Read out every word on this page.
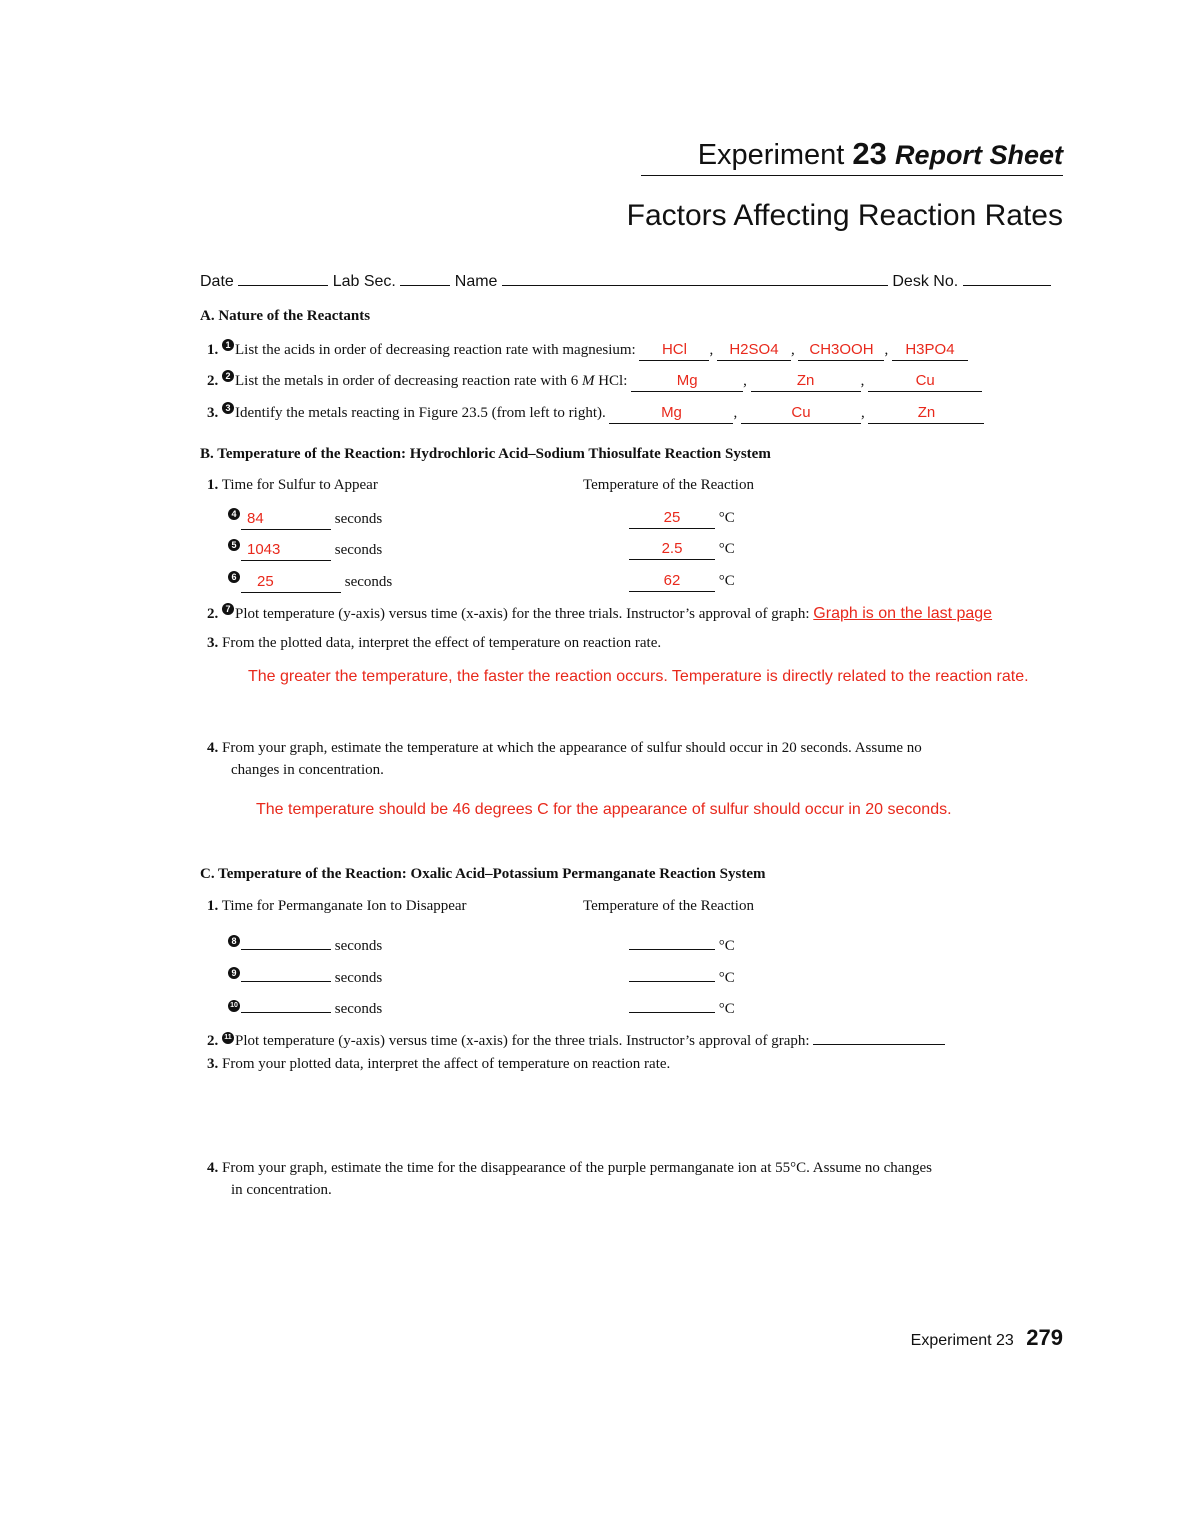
Experiment 23 Report Sheet
Factors Affecting Reaction Rates
Date	Lab Sec.	Name	Desk No.
A. Nature of the Reactants
1. 1 List the acids in order of decreasing reaction rate with magnesium: HCl , H2SO4 , CH3OOH , H3PO4
2. 2 List the metals in order of decreasing reaction rate with 6 M HCl:	Mg	,	Zn	,	Cu
3. 3 Identify the metals reacting in Figure 23.5 (from left to right).	Mg	,	Cu	,	Zn
B. Temperature of the Reaction: Hydrochloric Acid–Sodium Thiosulfate Reaction System
1. Time for Sulfur to Appear	Temperature of the Reaction
4 84	seconds	25	°C
5 1043	seconds	2.5 °C
6 25	seconds	62	°C
2. 7 Plot temperature (y-axis) versus time (x-axis) for the three trials. Instructor’s approval of graph: Graph is on the last page
3. From the plotted data, interpret the effect of temperature on reaction rate.
The greater the temperature, the faster the reaction occurs. Temperature is directly related to the reaction rate.
4. From your graph, estimate the temperature at which the appearance of sulfur should occur in 20 seconds. Assume no
changes in concentration.
The temperature should be 46 degrees C for the appearance of sulfur should occur in 20 seconds.
C. Temperature of the Reaction: Oxalic Acid–Potassium Permanganate Reaction System
1. Time for Permanganate Ion to Disappear	Temperature of the Reaction
8	seconds	°C
9	seconds	°C
10	seconds	°C
2. 11 Plot temperature (y-axis) versus time (x-axis) for the three trials. Instructor’s approval of graph:
3. From your plotted data, interpret the affect of temperature on reaction rate.
4. From your graph, estimate the time for the disappearance of the purple permanganate ion at 55°C. Assume no changes
in concentration.
Experiment 23 279
